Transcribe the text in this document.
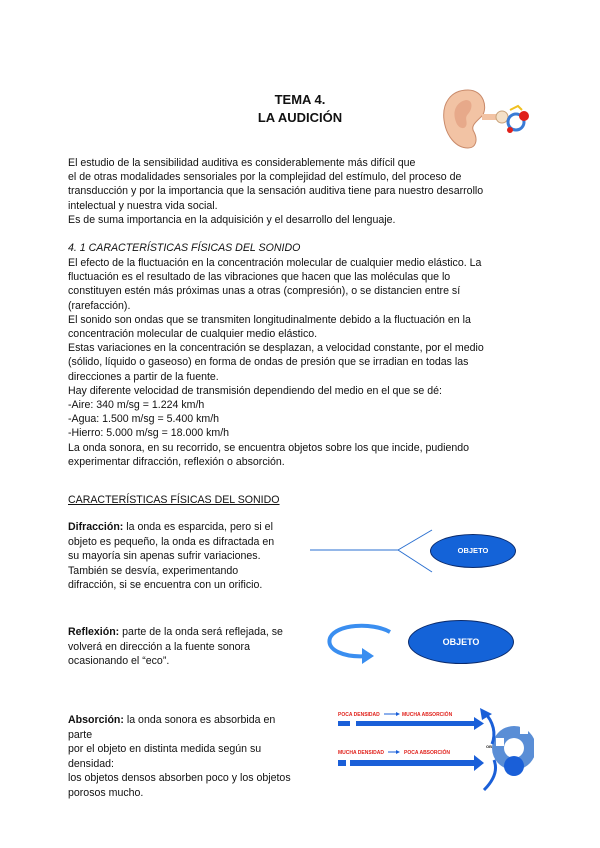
TEMA 4.
LA AUDICIÓN

El estudio de la sensibilidad auditiva es considerablemente más difícil que

el de otras modalidades sensoriales por la complejidad del estímulo, del proceso de

transducción y por la importancia que la sensación auditiva tiene para nuestro desarrollo

intelectual y nuestra vida social.

Es de suma importancia en la adquisición y el desarrollo del lenguaje.

4. 1 CARACTERÍSTICAS FÍSICAS DEL SONIDO

El efecto de la fluctuación en la concentración molecular de cualquier medio elástico. La

fluctuación es el resultado de las vibraciones que hacen que las moléculas que lo

constituyen estén más próximas unas a otras (compresión), o se distancien entre sí

(rarefacción).

El sonido son ondas que se transmiten longitudinalmente debido a la fluctuación en la

concentración molecular de cualquier medio elástico.

Estas variaciones en la concentración se desplazan, a velocidad constante, por el medio

(sólido, líquido o gaseoso) en forma de ondas de presión que se irradian en todas las

direcciones a partir de la fuente.

Hay diferente velocidad de transmisión dependiendo del medio en el que se dé:

-Aire: 340 m/sg = 1.224 km/h

-Agua: 1.500 m/sg = 5.400 km/h

-Hierro: 5.000 m/sg = 18.000 km/h

La onda sonora, en su recorrido, se encuentra objetos sobre los que incide, pudiendo

experimentar difracción, reflexión o absorción.

CARACTERÍSTICAS FÍSICAS DEL SONIDO
Difracción: la onda es esparcida, pero si el
objeto es pequeño, la onda es difractada en
su mayoría sin apenas sufrir variaciones.
También se desvía, experimentando
difracción, si se encuentra con un orificio.
OBJETO
Reflexión: parte de la onda será reflejada, se
volverá en dirección a la fuente sonora
ocasionando el “eco”.
OBJETO
Absorción: la onda sonora es absorbida en parte
por el objeto en distinta medida según su densidad:
los objetos densos absorben poco y los objetos
porosos mucho.
POCA DENSIDAD	MUCHA ABSORCIÓN
MUCHA DENSIDAD	POCA ABSORCIÓN
OB
